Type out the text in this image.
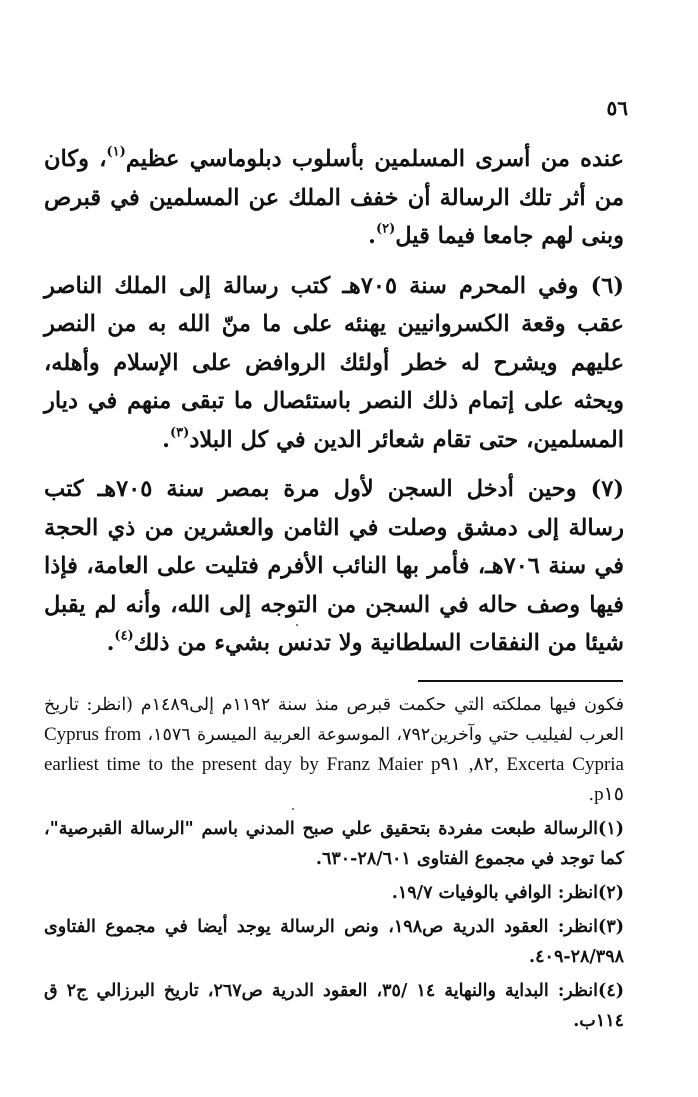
٥٦

عنده من أسرى المسلمين بأسلوب دبلوماسي عظيم$^{(١)}$، وكان من أثر تلك الرسالة أن خفف الملك عن المسلمين في قبرص وبنى لهم جامعا فيما قيل$^{(٢)}$.

(٦) وفي المحرم سنة ٧٠٥هـ كتب رسالة إلى الملك الناصر عقب وقعة الكسروانيين يهنئه على ما منّ الله به من النصر عليهم ويشرح له خطر أولئك الروافض على الإسلام وأهله، ويحثه على إتمام ذلك النصر باستئصال ما تبقى منهم في ديار المسلمين، حتى تقام شعائر الدين في كل البلاد$^{(٣)}$.

(٧) وحين أدخل السجن لأول مرة بمصر سنة ٧٠٥هـ كتب رسالة إلى دمشق وصلت في الثامن والعشرين من ذي الحجة في سنة ٧٠٦هـ، فأمر بها النائب الأفرم فتليت على العامة، فإذا فيها وصف حاله في السجن من التوجه إلى الله، وأنه لم يقبل شيئا من النفقات السلطانية ولا تدنس بشيء من ذلك$^{(٤)}$.

فكون فيها مملكته التي حكمت قبرص منذ سنة ١١٩٢م إلى١٤٨٩م (انظر: تاريخ العرب لفيليب حتي وآخرين٧٩٢، الموسوعة العربية الميسرة ١٥٧٦، Cyprus from earliest time to the present day by Franz Maier p٨٢, ٩١, Excerta Cypria p١٥.

(١)الرسالة طبعت مفردة بتحقيق علي صبح المدني باسم "الرسالة القبرصية"، كما توجد في مجموع الفتاوى ٢٨/٦٠١-٦٣٠.

(٢)انظر: الوافي بالوفيات ١٩/٧.

(٣)انظر: العقود الدرية ص١٩٨، ونص الرسالة يوجد أيضا في مجموع الفتاوى ٢٨/٣٩٨-٤٠٩.

(٤)انظر: البداية والنهاية ١٤ /٣٥، العقود الدرية ص٢٦٧، تاريخ البرزالي ج٢ ق ١١٤ب.
